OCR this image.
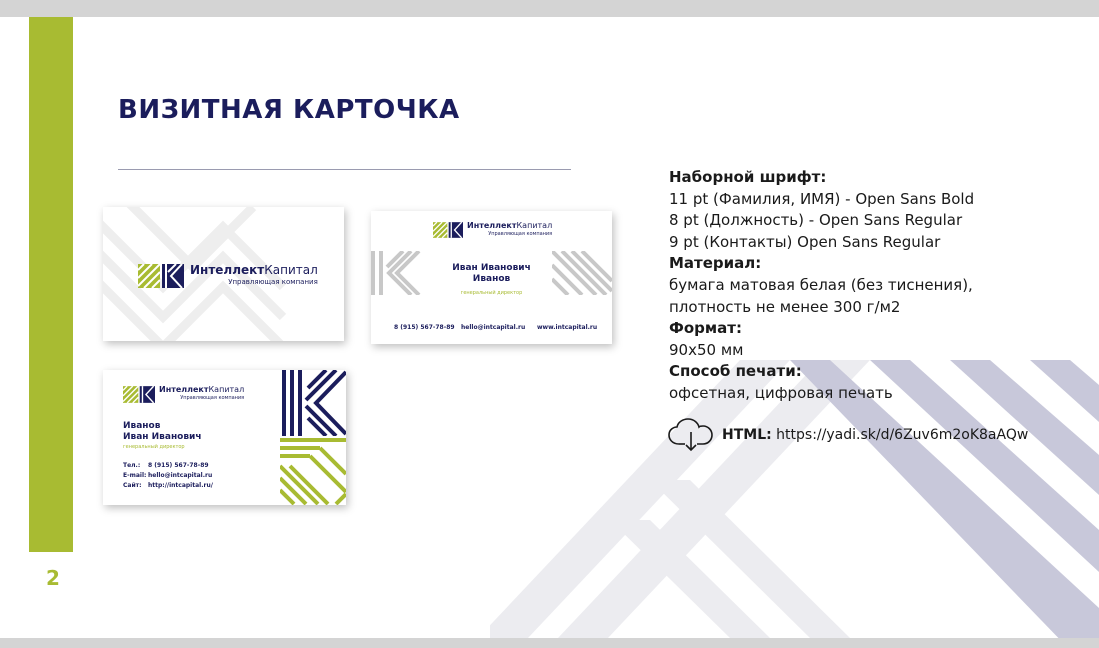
2
ВИЗИТНАЯ КАРТОЧКА
ИнтеллектКапитал
Управляющая компания
ИнтеллектКапитал
Управляющая компания
Иван Иванович
Иванов
генеральный директор
8 (915) 567-78-89 hello@intcapital.ru www.intcapital.ru
ИнтеллектКапитал
Управляющая компания
Иванов
Иван Иванович
генеральный директор
Тел.: 8 (915) 567-78-89
E-mail: hello@intcapital.ru
Сайт: http://intcapital.ru/
Наборной шрифт:
11 pt (Фамилия, ИМЯ) - Open Sans Bold
8 pt (Должность) - Open Sans Regular
9 pt (Контакты) Open Sans Regular
Материал:
бумага матовая белая (без тиснения),
плотность не менее 300 г/м2
Формат:
90x50 мм
Способ печати:
офсетная, цифровая печать
HTML: https://yadi.sk/d/6Zuv6m2oK8aAQw
